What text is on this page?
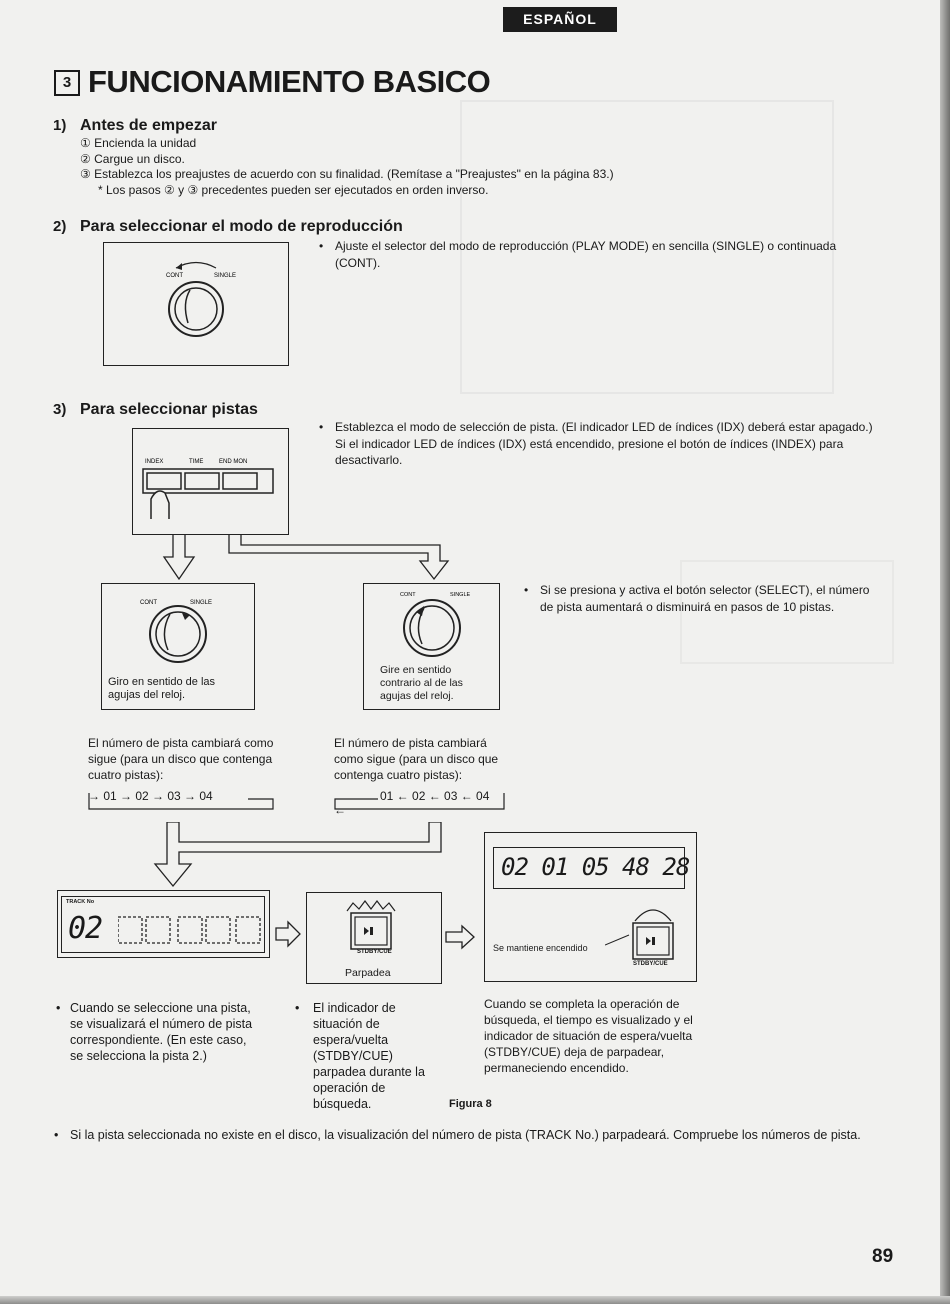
ESPAÑOL
3 FUNCIONAMIENTO BASICO
1) Antes de empezar
① Encienda la unidad
② Cargue un disco.
③ Establezca los preajustes de acuerdo con su finalidad. (Remítase a "Preajustes" en la página 83.)
* Los pasos ② y ③ precedentes pueden ser ejecutados en orden inverso.
2) Para seleccionar el modo de reproducción
CONT	SINGLE
• Ajuste el selector del modo de reproducción (PLAY MODE) en sencilla (SINGLE) o continuada (CONT).
3) Para seleccionar pistas
INDEX	TIME	END MON
• Establezca el modo de selección de pista. (El indicador LED de índices (IDX) deberá estar apagado.)
Si el indicador LED de índices (IDX) está encendido, presione el botón de índices (INDEX) para desactivarlo.
CONT	SINGLE
Giro en sentido de las agujas del reloj.
CONT	SINGLE
Gire en sentido contrario al de las agujas del reloj.
• Si se presiona y activa el botón selector (SELECT), el número de pista aumentará o disminuirá en pasos de 10 pistas.
El número de pista cambiará como sigue (para un disco que contenga cuatro pistas):
→ 01 → 02 → 03 → 04
El número de pista cambiará como sigue (para un disco que contenga cuatro pistas):
01 ← 02 ← 03 ← 04 ←
TRACK No
02
STDBY/CUE
Parpadea
02 01 05 48 28
Se mantiene encendido
STDBY/CUE
• Cuando se seleccione una pista, se visualizará el número de pista correspondiente. (En este caso, se selecciona la pista 2.)
• El indicador de situación de espera/vuelta (STDBY/CUE) parpadea durante la operación de búsqueda.
Cuando se completa la operación de búsqueda, el tiempo es visualizado y el indicador de situación de espera/vuelta (STDBY/CUE) deja de parpadear, permaneciendo encendido.
Figura 8
• Si la pista seleccionada no existe en el disco, la visualización del número de pista (TRACK No.) parpadeará. Compruebe los números de pista.
89
